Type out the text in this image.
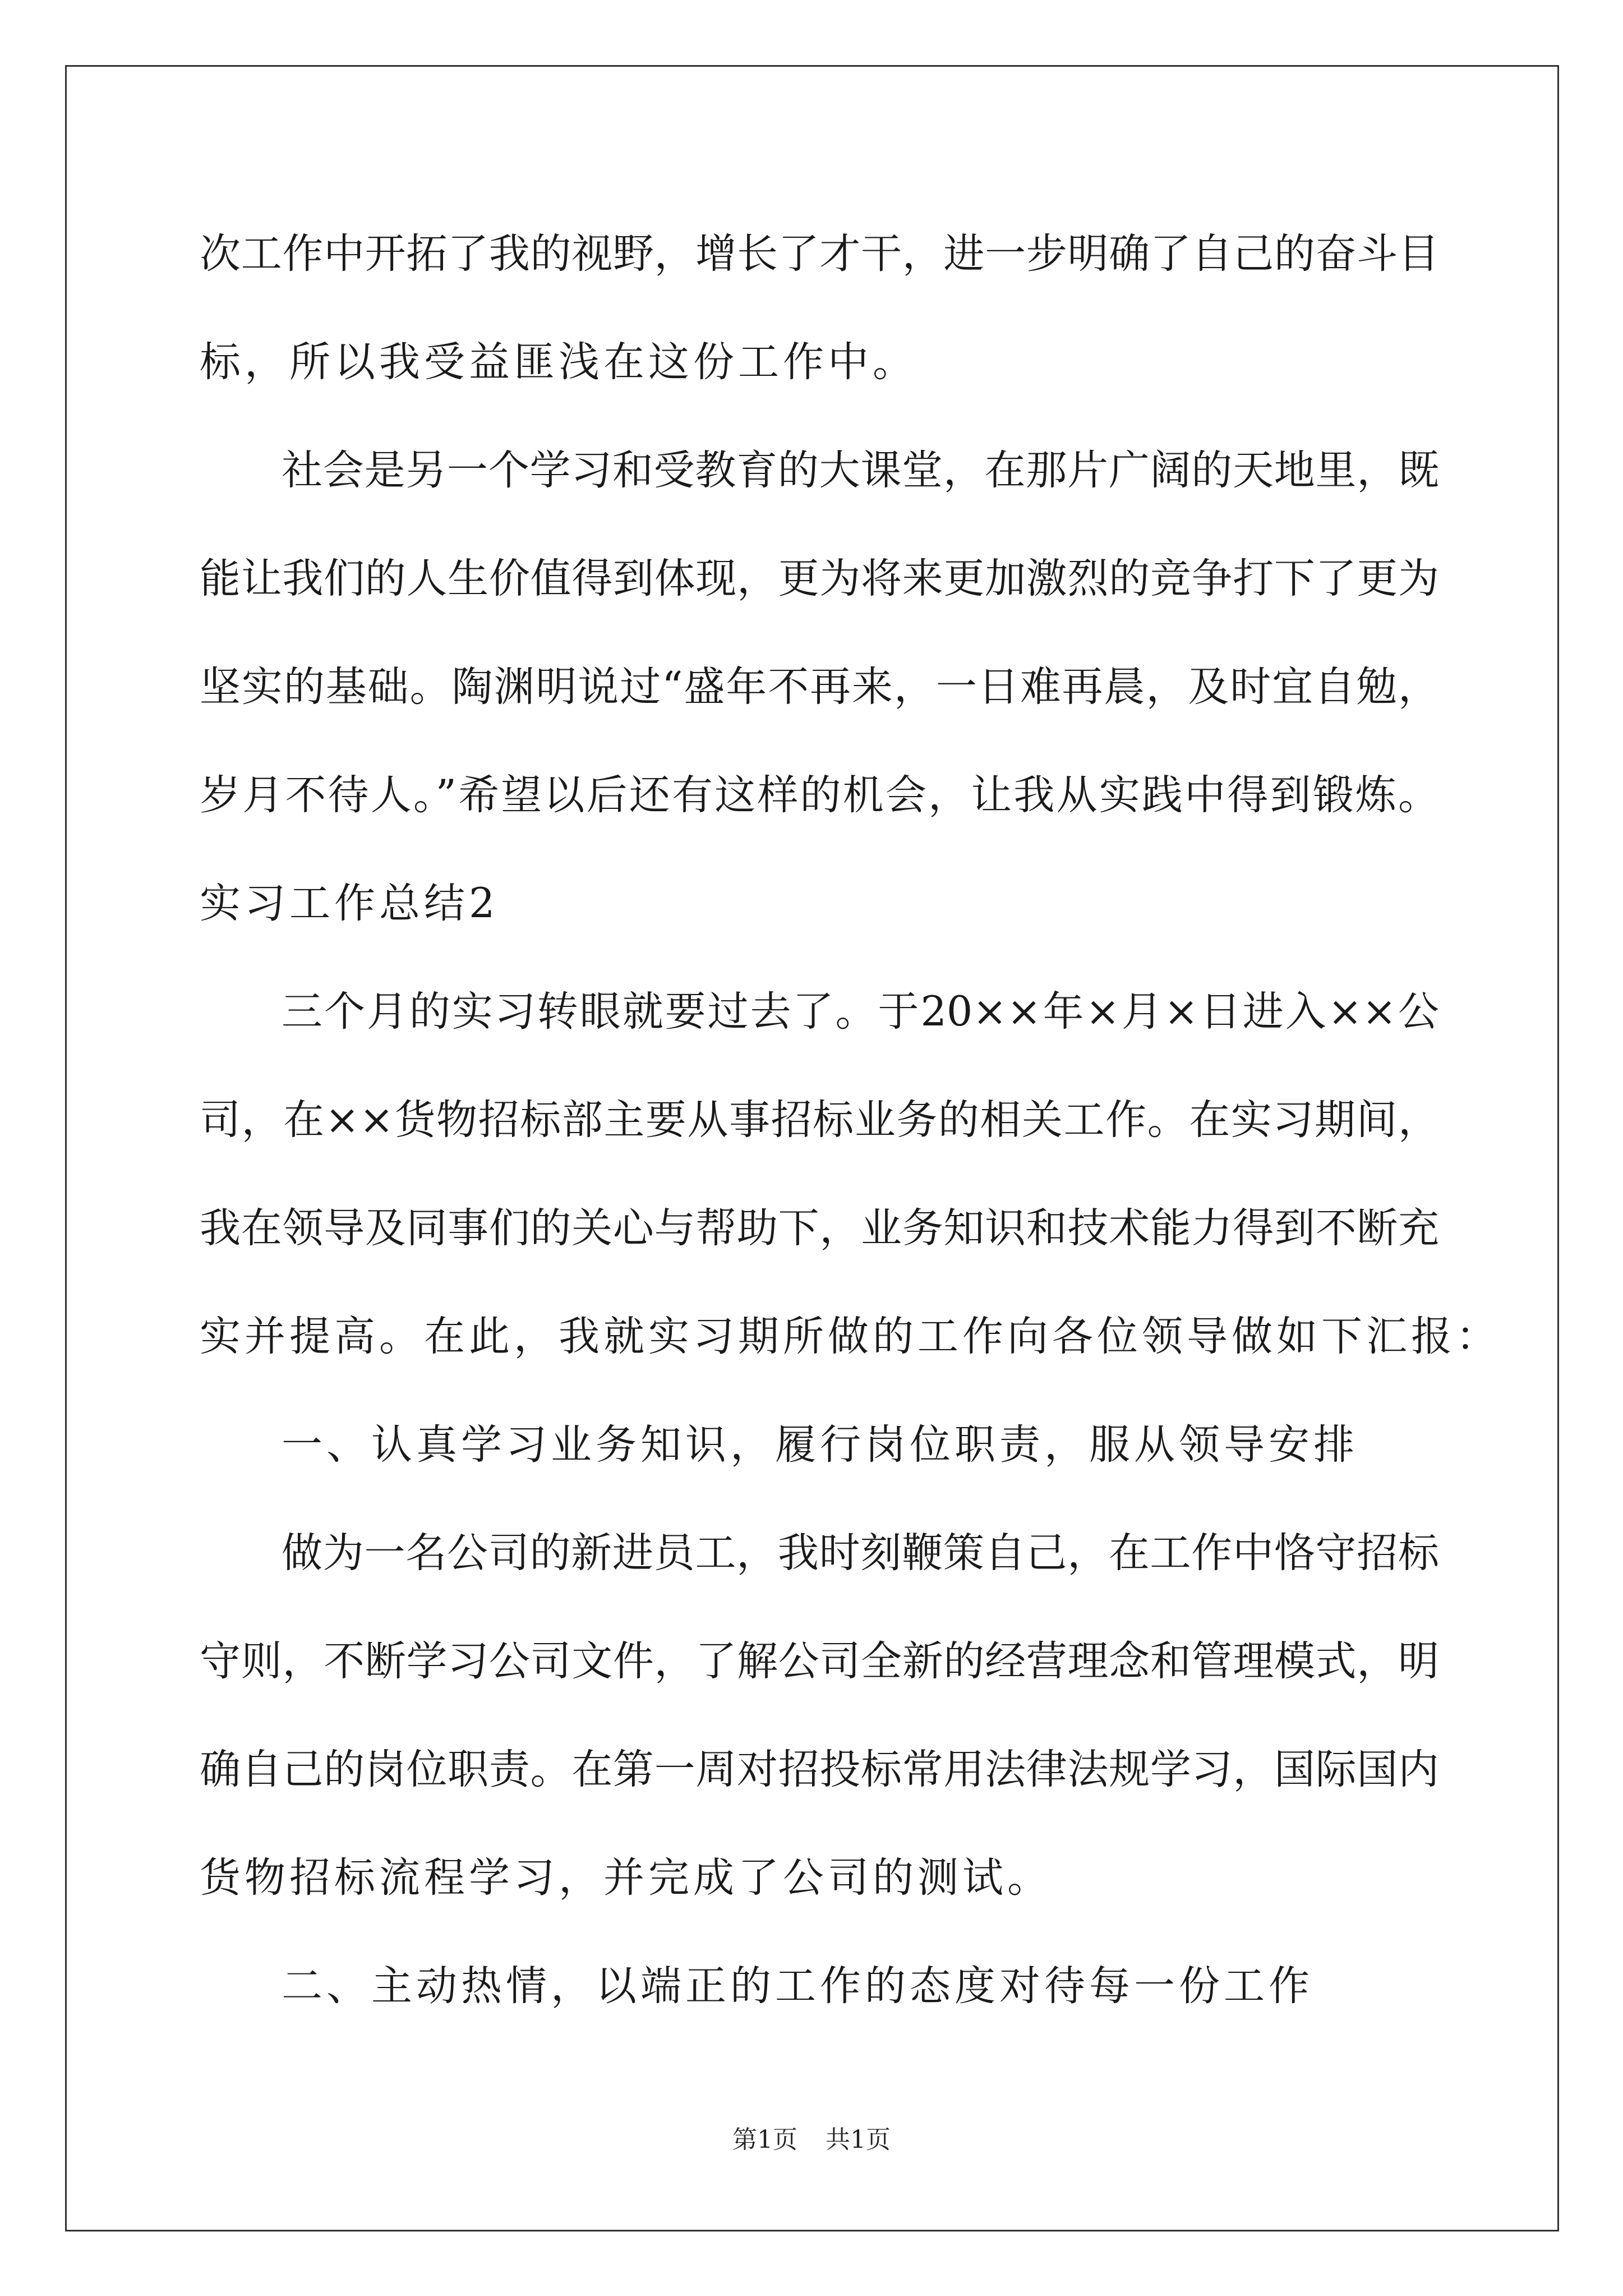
次工作中开拓了我的视野，增长了才干，进一步明确了自己的奋斗目
标，所以我受益匪浅在这份工作中。
社会是另一个学习和受教育的大课堂，在那片广阔的天地里，既
能让我们的人生价值得到体现，更为将来更加激烈的竞争打下了更为
坚实的基础。陶渊明说过“盛年不再来，一日难再晨，及时宜自勉，
岁月不待人。”希望以后还有这样的机会，让我从实践中得到锻炼。
实习工作总结2
三个月的实习转眼就要过去了。于20××年×月×日进入××公
司，在××货物招标部主要从事招标业务的相关工作。在实习期间，
我在领导及同事们的关心与帮助下，业务知识和技术能力得到不断充
实并提高。在此，我就实习期所做的工作向各位领导做如下汇报：
一、认真学习业务知识，履行岗位职责，服从领导安排
做为一名公司的新进员工，我时刻鞭策自己，在工作中恪守招标
守则，不断学习公司文件，了解公司全新的经营理念和管理模式，明
确自己的岗位职责。在第一周对招投标常用法律法规学习，国际国内
货物招标流程学习，并完成了公司的测试。
二、主动热情，以端正的工作的态度对待每一份工作
第1页 共1页
